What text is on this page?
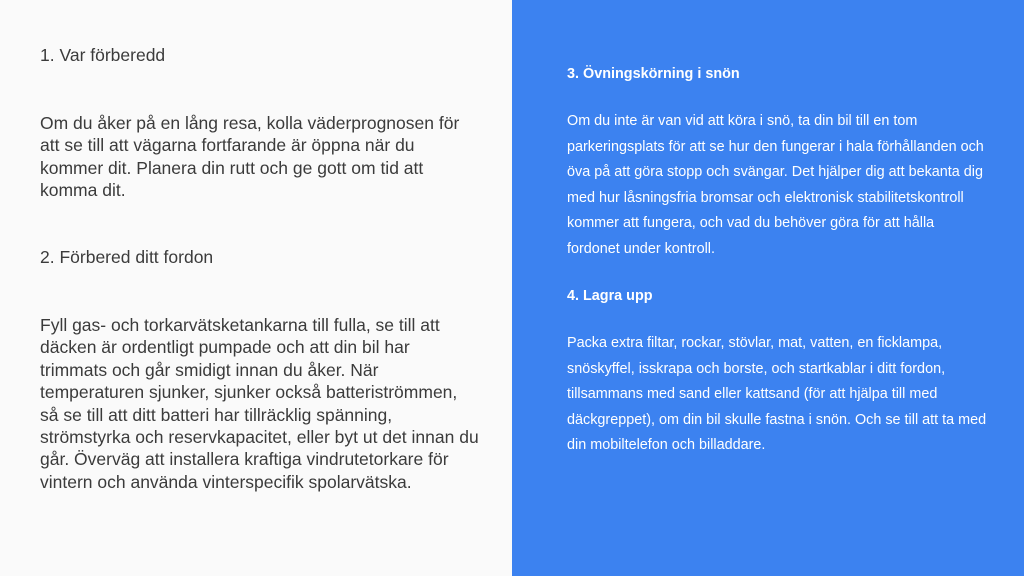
1. Var förberedd

Om du åker på en lång resa, kolla väderprognosen för att se till att vägarna fortfarande är öppna när du kommer dit. Planera din rutt och ge gott om tid att komma dit.

2. Förbered ditt fordon

Fyll gas- och torkarvätsketankarna till fulla, se till att däcken är ordentligt pumpade och att din bil har trimmats och går smidigt innan du åker. När temperaturen sjunker, sjunker också batteriströmmen, så se till att ditt batteri har tillräcklig spänning, strömstyrka och reservkapacitet, eller byt ut det innan du går. Överväg att installera kraftiga vindrutetorkare för vintern och använda vinterspecifik spolarvätska.

3. Övningskörning i snön

Om du inte är van vid att köra i snö, ta din bil till en tom parkeringsplats för att se hur den fungerar i hala förhållanden och öva på att göra stopp och svängar. Det hjälper dig att bekanta dig med hur låsningsfria bromsar och elektronisk stabilitetskontroll kommer att fungera, och vad du behöver göra för att hålla fordonet under kontroll.

4. Lagra upp

Packa extra filtar, rockar, stövlar, mat, vatten, en ficklampa, snöskyffel, isskrapa och borste, och startkablar i ditt fordon, tillsammans med sand eller kattsand (för att hjälpa till med däckgreppet), om din bil skulle fastna i snön. Och se till att ta med din mobiltelefon och billaddare.
